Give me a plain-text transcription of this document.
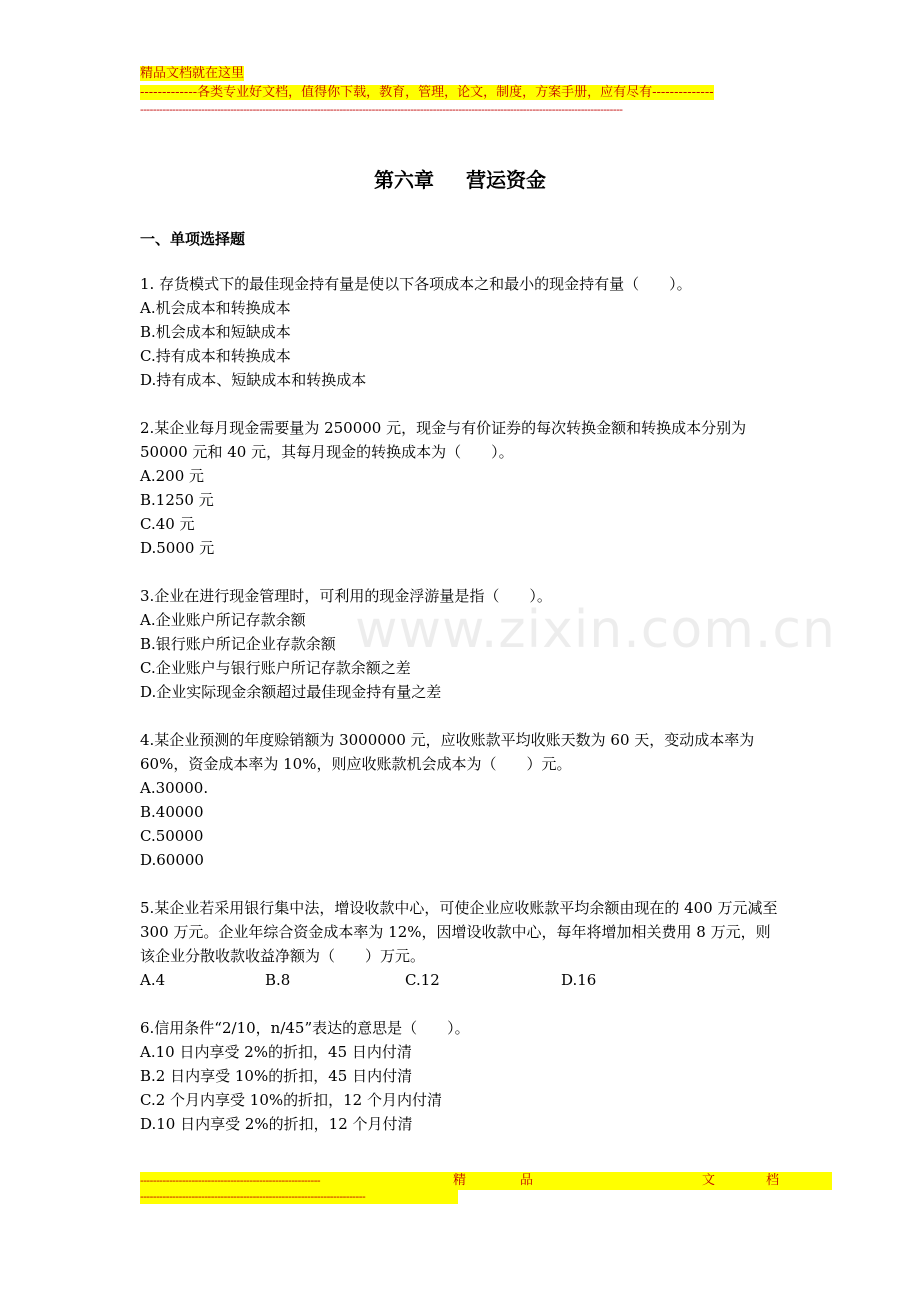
精品文档就在这里
-------------各类专业好文档，值得你下载，教育，管理，论文，制度，方案手册，应有尽有--------------
------------------------------------------------------------------------------------------------------------------------------------------------------
第六章 营运资金
一、单项选择题

1. 存货模式下的最佳现金持有量是使以下各项成本之和最小的现金持有量（　　）。

A.机会成本和转换成本

B.机会成本和短缺成本

C.持有成本和转换成本

D.持有成本、短缺成本和转换成本

2.某企业每月现金需要量为 250000 元，现金与有价证券的每次转换金额和转换成本分别为 50000 元和 40 元，其每月现金的转换成本为（　　）。

A.200 元

B.1250 元

C.40 元

D.5000 元

3.企业在进行现金管理时，可利用的现金浮游量是指（　　）。

A.企业账户所记存款余额

B.银行账户所记企业存款余额

C.企业账户与银行账户所记存款余额之差

D.企业实际现金余额超过最佳现金持有量之差

4.某企业预测的年度赊销额为 3000000 元，应收账款平均收账天数为 60 天，变动成本率为 60%，资金成本率为 10%，则应收账款机会成本为（　　）元。

A.30000.

B.40000

C.50000

D.60000

5.某企业若采用银行集中法，增设收款中心，可使企业应收账款平均余额由现在的 400 万元减至 300 万元。企业年综合资金成本率为 12%，因增设收款中心，每年将增加相关费用 8 万元，则该企业分散收款收益净额为（　　）万元。

A.4	B.8	C.12	D.16

6.信用条件“2/10，n/45”表达的意思是（　　）。

A.10 日内享受 2%的折扣，45 日内付清

B.2 日内享受 10%的折扣，45 日内付清

C.2 个月内享受 10%的折扣，12 个月内付清

D.10 日内享受 2%的折扣，12 个月付清

www.zixin.com.cn
--------------------------------------------------------	精	品	文	档
----------------------------------------------------------------------
